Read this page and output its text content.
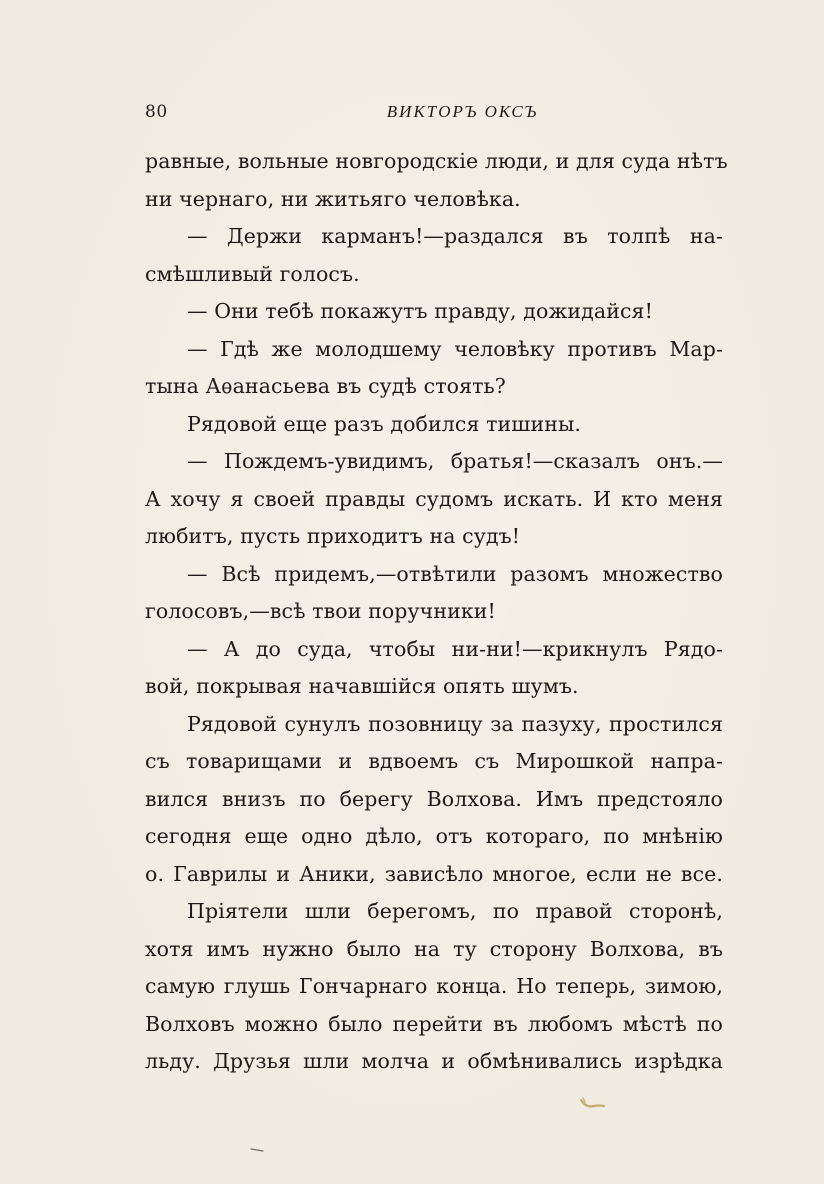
80	ВИКТОРЪ ОКСЪ
равные, вольные новгородскіе люди, и для суда нѣтъ
ни чернаго, ни житьяго человѣка.
— Держи карманъ!—раздался въ толпѣ на-
смѣшливый голосъ.
— Они тебѣ покажутъ правду, дожидайся!
— Гдѣ же молодшему человѣку противъ Мар-
тына Аѳанасьева въ судѣ стоять?
Рядовой еще разъ добился тишины.
— Пождемъ-увидимъ, братья!—сказалъ онъ.—
А хочу я своей правды судомъ искать. И кто меня
любитъ, пусть приходитъ на судъ!
— Всѣ придемъ,—отвѣтили разомъ множество
голосовъ,—всѣ твои поручники!
— А до суда, чтобы ни-ни!—крикнулъ Рядо-
вой, покрывая начавшійся опять шумъ.
Рядовой сунулъ позовницу за пазуху, простился
съ товарищами и вдвоемъ съ Мирошкой напра-
вился внизъ по берегу Волхова. Имъ предстояло
сегодня еще одно дѣло, отъ котораго, по мнѣнію
о. Гаврилы и Аники, зависѣло многое, если не все.
Пріятели шли берегомъ, по правой сторонѣ,
хотя имъ нужно было на ту сторону Волхова, въ
самую глушь Гончарнаго конца. Но теперь, зимою,
Волховъ можно было перейти въ любомъ мѣстѣ по
льду. Друзья шли молча и обмѣнивались изрѣдка
